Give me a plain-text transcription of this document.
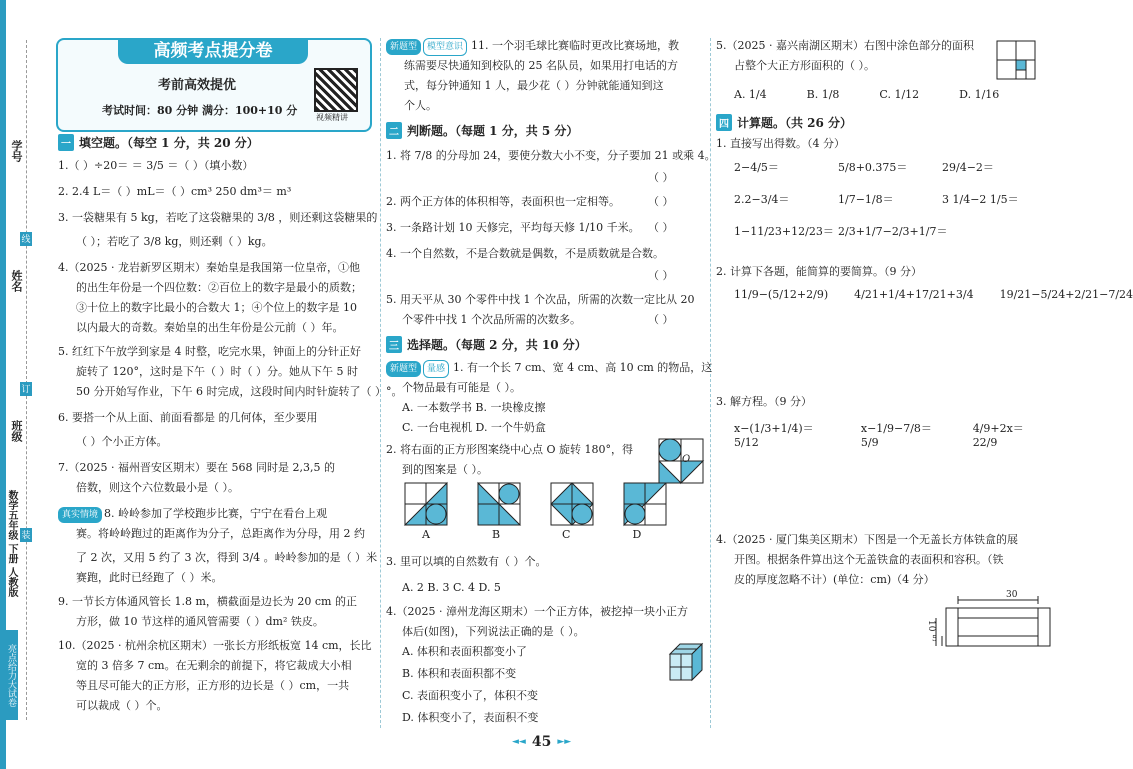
学号
姓名
班级
线
订
装
数学五年级 下册 人教版
亮点给力大试卷
高频考点提分卷
考前高效提优
考试时间：80 分钟 满分：100+10 分
视频精讲
一 填空题。（每空 1 分，共 20 分）
1.（ ）÷20＝ ＝ 3/5 ＝（ ）（填小数）
2. 2.4 L＝（ ）mL＝（ ）cm³ 250 dm³＝ m³
3. 一袋糖果有 5 kg，若吃了这袋糖果的 3/8 ，则还剩这袋糖果的
（ ）；若吃了 3/8 kg，则还剩（ ）kg。
4.（2025 · 龙岩新罗区期末）秦始皇是我国第一位皇帝，①他
的出生年份是一个四位数：②百位上的数字是最小的质数；
③十位上的数字比最小的合数大 1；④个位上的数字是 10
以内最大的奇数。秦始皇的出生年份是公元前（ ）年。
5. 红红下午放学到家是 4 时整，吃完水果，钟面上的分针正好
旋转了 120°，这时是下午（ ）时（ ）分。她从下午 5 时
50 分开始写作业，下午 6 时完成，这段时间内时针旋转了（ ）°。
6. 要搭一个从上面、前面看都是 的几何体，至少要用
（ ）个小正方体。
7.（2025 · 福州晋安区期末）要在 568 同时是 2,3,5 的
倍数，则这个六位数最小是（ ）。
真实情境 8. 岭岭参加了学校跑步比赛，宁宁在看台上观
赛。将岭岭跑过的距离作为分子，总距离作为分母，用 2 约
了 2 次，又用 5 约了 3 次，得到 3/4 。岭岭参加的是（ ）米
赛跑，此时已经跑了（ ）米。
9. 一节长方体通风管长 1.8 m，横截面是边长为 20 cm 的正
方形，做 10 节这样的通风管需要（ ）dm² 铁皮。
10.（2025 · 杭州余杭区期末）一张长方形纸板宽 14 cm，长比
宽的 3 倍多 7 cm。在无剩余的前提下，将它裁成大小相
等且尽可能大的正方形，正方形的边长是（ ）cm，一共
可以裁成（ ）个。
新题型 模型意识 11. 一个羽毛球比赛临时更改比赛场地，教
练需要尽快通知到校队的 25 名队员，如果用打电话的方
式，每分钟通知 1 人，最少花（ ）分钟就能通知到这
个人。
二 判断题。（每题 1 分，共 5 分）
1. 将 7/8 的分母加 24，要使分数大小不变，分子要加 21 或乘 4。
（ ）
2. 两个正方体的体积相等，表面积也一定相等。	（ ）
3. 一条路计划 10 天修完，平均每天修 1/10 千米。 （ ）
4. 一个自然数，不是合数就是偶数，不是质数就是合数。
（ ）
5. 用天平从 30 个零件中找 1 个次品，所需的次数一定比从 20
个零件中找 1 个次品所需的次数多。	（ ）
三 选择题。（每题 2 分，共 10 分）
新题型 量感 1. 有一个长 7 cm、宽 4 cm、高 10 cm 的物品，这
个物品最有可能是（ ）。
A. 一本数学书 B. 一块橡皮擦
C. 一台电视机 D. 一个牛奶盒
2. 将右面的正方形图案绕中心点 O 旋转 180°，得
到的图案是（ ）。
O
A	B	C	D
3. 里可以填的自然数有（ ）个。
A. 2 B. 3 C. 4 D. 5
4.（2025 · 漳州龙海区期末）一个正方体，被挖掉一块小正方
体后(如图)，下列说法正确的是（ ）。
A. 体积和表面积都变小了
B. 体积和表面积都不变
C. 表面积变小了，体积不变
D. 体积变小了，表面积不变
5.（2025 · 嘉兴南湖区期末）右图中涂色部分的面积
占整个大正方形面积的（ ）。
A. 1/4	B. 1/8	C. 1/12	D. 1/16
四 计算题。（共 26 分）
1. 直接写出得数。（4 分）
2−4/5＝	5/8+0.375＝	29/4−2＝
2.2−3/4＝	1/7−1/8＝	3 1/4−2 1/5＝
1−11/23+12/23＝ 2/3+1/7−2/3+1/7＝
2. 计算下各题，能简算的要简算。（9 分）
11/9−(5/12+2/9) 4/21+1/4+17/21+3/4 19/21−5/24+2/21−7/24
3. 解方程。（9 分）
x−(1/3+1/4)＝5/12
x−1/9−7/8＝5/9
4/9+2x＝22/9
4.（2025 · 厦门集美区期末）下图是一个无盖长方体铁盒的展
开图。根据条件算出这个无盖铁盒的表面积和容积。（铁
皮的厚度忽略不计）(单位：cm)（4 分）
30
10
5
◄◄ 45 ►►
